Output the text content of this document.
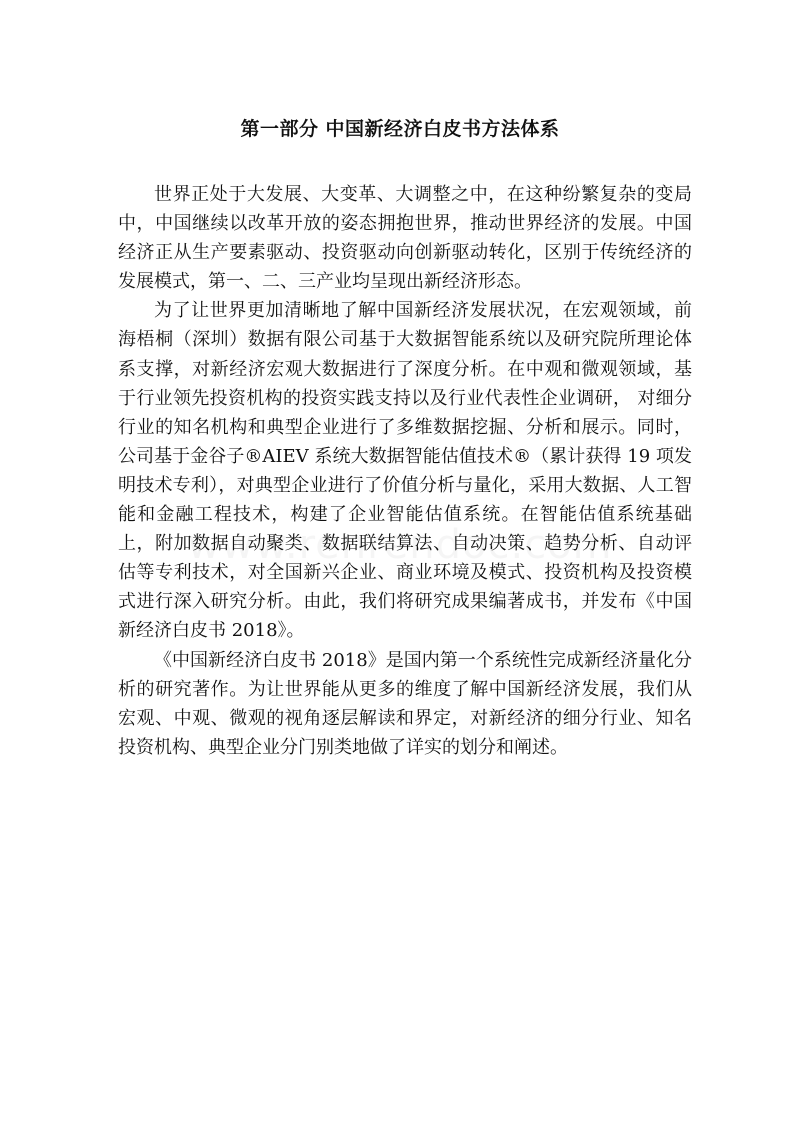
第一部分 中国新经济白皮书方法体系

世界正处于大发展、大变革、大调整之中，在这种纷繁复杂的变局中，中国继续以改革开放的姿态拥抱世界，推动世界经济的发展。中国经济正从生产要素驱动、投资驱动向创新驱动转化，区别于传统经济的发展模式，第一、二、三产业均呈现出新经济形态。

为了让世界更加清晰地了解中国新经济发展状况，在宏观领域，前海梧桐（深圳）数据有限公司基于大数据智能系统以及研究院所理论体系支撑，对新经济宏观大数据进行了深度分析。在中观和微观领域，基于行业领先投资机构的投资实践支持以及行业代表性企业调研， 对细分行业的知名机构和典型企业进行了多维数据挖掘、分析和展示。同时，公司基于金谷子®AIEV 系统大数据智能估值技术®（累计获得 19 项发明技术专利），对典型企业进行了价值分析与量化，采用大数据、人工智能和金融工程技术，构建了企业智能估值系统。在智能估值系统基础上，附加数据自动聚类、数据联结算法、自动决策、趋势分析、自动评估等专利技术，对全国新兴企业、商业环境及模式、投资机构及投资模式进行深入研究分析。由此，我们将研究成果编著成书，并发布《中国新经济白皮书 2018》。

《中国新经济白皮书 2018》是国内第一个系统性完成新经济量化分析的研究著作。为让世界能从更多的维度了解中国新经济发展，我们从宏观、中观、微观的视角逐层解读和界定，对新经济的细分行业、知名投资机构、典型企业分门别类地做了详实的划分和阐述。
